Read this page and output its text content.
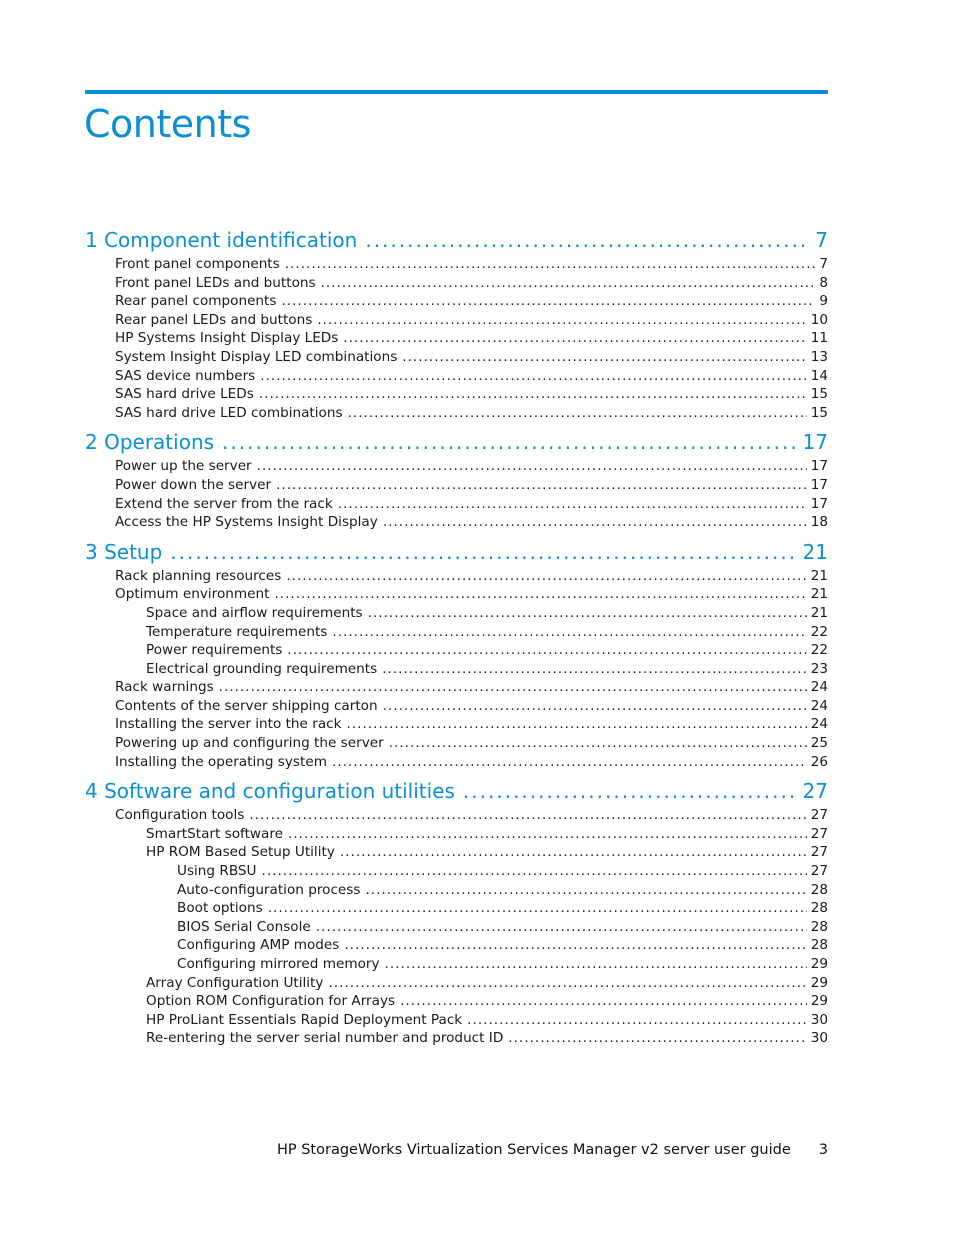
Contents
1 Component identification .....	7
Front panel components .....	7
Front panel LEDs and buttons .....	8
Rear panel components .....	9
Rear panel LEDs and buttons .....	10
HP Systems Insight Display LEDs .....	11
System Insight Display LED combinations .....	13
SAS device numbers .....	14
SAS hard drive LEDs .....	15
SAS hard drive LED combinations .....	15
2 Operations .....	17
Power up the server .....	17
Power down the server .....	17
Extend the server from the rack .....	17
Access the HP Systems Insight Display .....	18
3 Setup .....	21
Rack planning resources .....	21
Optimum environment .....	21
Space and airflow requirements .....	21
Temperature requirements .....	22
Power requirements .....	22
Electrical grounding requirements .....	23
Rack warnings .....	24
Contents of the server shipping carton .....	24
Installing the server into the rack .....	24
Powering up and configuring the server .....	25
Installing the operating system .....	26
4 Software and configuration utilities .....	27
Configuration tools .....	27
SmartStart software .....	27
HP ROM Based Setup Utility .....	27
Using RBSU .....	27
Auto-configuration process .....	28
Boot options .....	28
BIOS Serial Console .....	28
Configuring AMP modes .....	28
Configuring mirrored memory .....	29
Array Configuration Utility .....	29
Option ROM Configuration for Arrays .....	29
HP ProLiant Essentials Rapid Deployment Pack .....	30
Re-entering the server serial number and product ID .....	30
HP StorageWorks Virtualization Services Manager v2 server user guide 3
